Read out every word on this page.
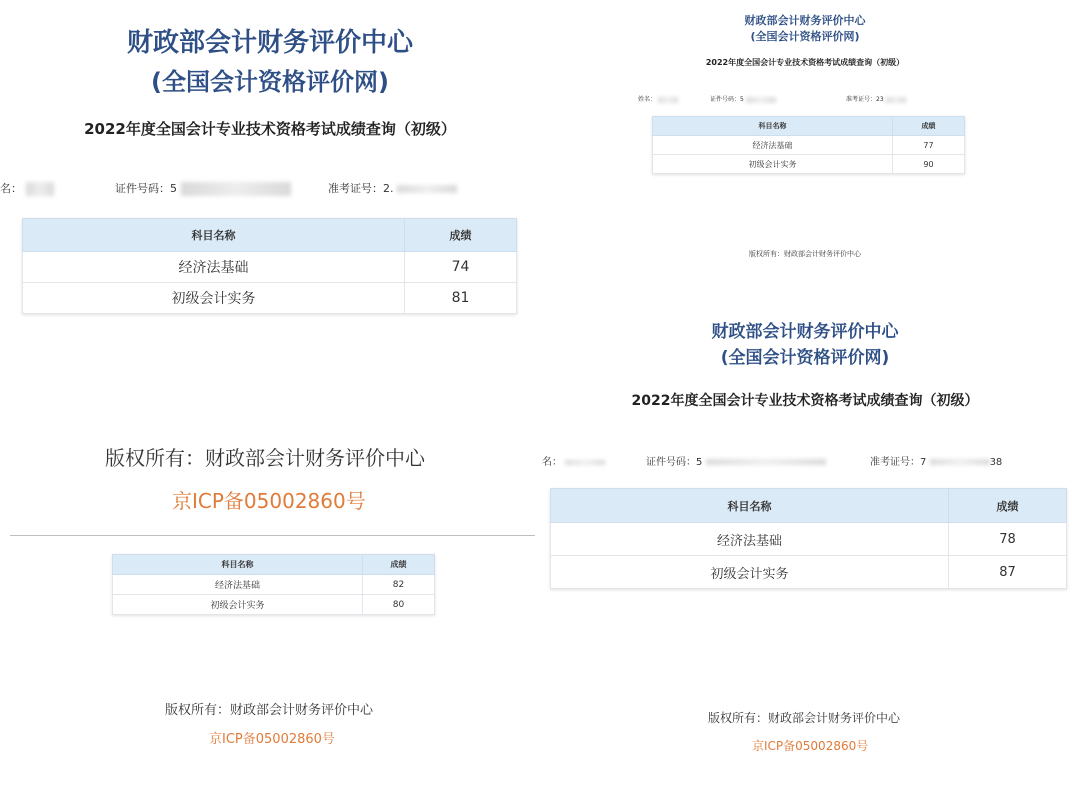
财政部会计财务评价中心
(全国会计资格评价网)
2022年度全国会计专业技术资格考试成绩查询（初级）
名：	证件号码：5	准考证号：2.
科目名称	成绩
经济法基础	74
初级会计实务	81
版权所有：财政部会计财务评价中心
京ICP备05002860号
科目名称	成绩
经济法基础	82
初级会计实务	80
版权所有：财政部会计财务评价中心
京ICP备05002860号
财政部会计财务评价中心
(全国会计资格评价网)
2022年度全国会计专业技术资格考试成绩查询（初级）
姓名：	证件号码：5	准考证号：23
科目名称	成绩
经济法基础	77
初级会计实务	90
版权所有：财政部会计财务评价中心
财政部会计财务评价中心
(全国会计资格评价网)
2022年度全国会计专业技术资格考试成绩查询（初级）
名：	证件号码：5	准考证号：7	38
科目名称	成绩
经济法基础	78
初级会计实务	87
版权所有：财政部会计财务评价中心
京ICP备05002860号
